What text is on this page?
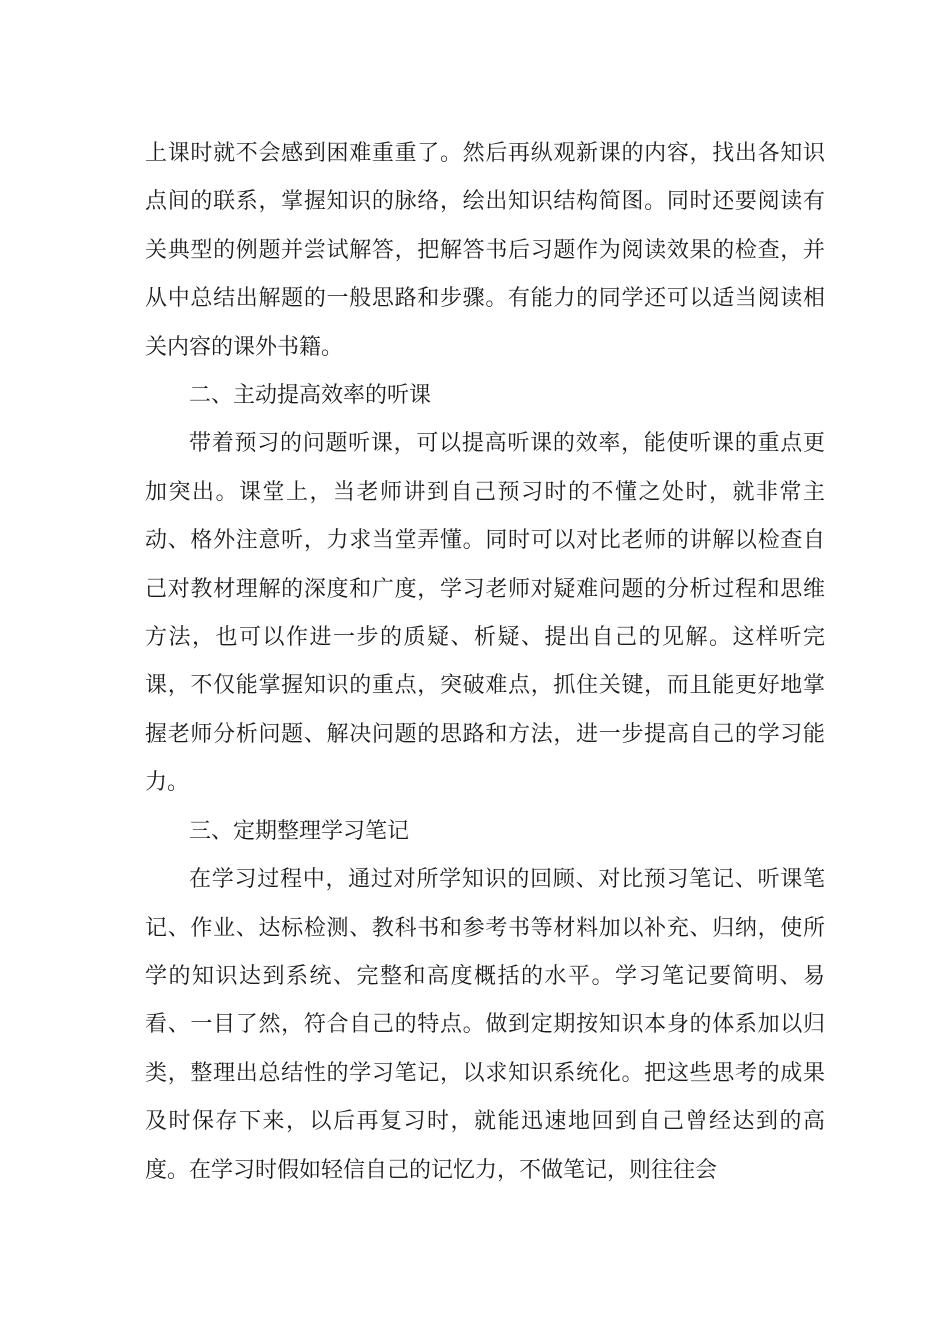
上课时就不会感到困难重重了。然后再纵观新课的内容，找出各知识点间的联系，掌握知识的脉络，绘出知识结构简图。同时还要阅读有关典型的例题并尝试解答，把解答书后习题作为阅读效果的检查，并从中总结出解题的一般思路和步骤。有能力的同学还可以适当阅读相关内容的课外书籍。

二、主动提高效率的听课

带着预习的问题听课，可以提高听课的效率，能使听课的重点更加突出。课堂上，当老师讲到自己预习时的不懂之处时，就非常主动、格外注意听，力求当堂弄懂。同时可以对比老师的讲解以检查自己对教材理解的深度和广度，学习老师对疑难问题的分析过程和思维方法，也可以作进一步的质疑、析疑、提出自己的见解。这样听完课，不仅能掌握知识的重点，突破难点，抓住关键，而且能更好地掌握老师分析问题、解决问题的思路和方法，进一步提高自己的学习能力。

三、定期整理学习笔记

在学习过程中，通过对所学知识的回顾、对比预习笔记、听课笔记、作业、达标检测、教科书和参考书等材料加以补充、归纳，使所学的知识达到系统、完整和高度概括的水平。学习笔记要简明、易看、一目了然，符合自己的特点。做到定期按知识本身的体系加以归类，整理出总结性的学习笔记，以求知识系统化。把这些思考的成果及时保存下来，以后再复习时，就能迅速地回到自己曾经达到的高度。在学习时假如轻信自己的记忆力，不做笔记，则往往会
